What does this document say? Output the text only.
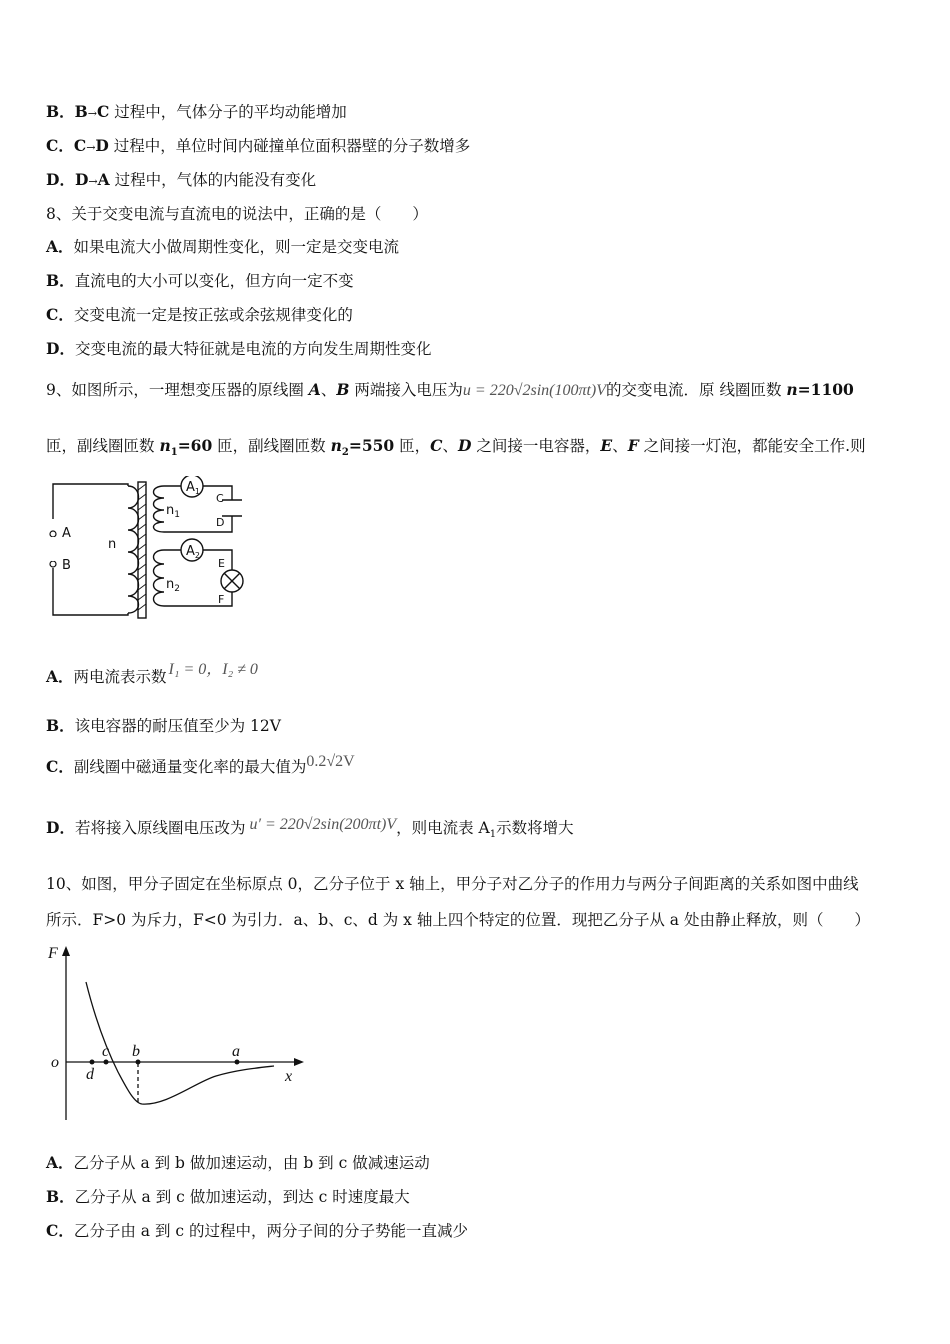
B．B→C 过程中，气体分子的平均动能增加
C．C→D 过程中，单位时间内碰撞单位面积器壁的分子数增多
D．D→A 过程中，气体的内能没有变化
8、关于交变电流与直流电的说法中，正确的是（　　）
A．如果电流大小做周期性变化，则一定是交变电流
B．直流电的大小可以变化，但方向一定不变
C．交变电流一定是按正弦或余弦规律变化的
D．交变电流的最大特征就是电流的方向发生周期性变化
9、如图所示，一理想变压器的原线圈 A、B 两端接入电压为u = 220√2sin(100πt)V的交变电流．原 线圈匝数 n=1100
匝，副线圈匝数 $n_1=60$ 匝，副线圈匝数 $n_2=550$ 匝，C、D 之间接一电容器，E、F 之间接一灯泡，都能安全工作.则
A
B
n
$n_1$
$n_2$
$A_1$
$A_2$
C
D
E
F
A．两电流表示数 I₁ = 0，I₂ ≠ 0
B．该电容器的耐压值至少为 12V
C．副线圈中磁通量变化率的最大值为0.2√2V
D．若将接入原线圈电压改为 u′ = 220√2sin(200πt)V，则电流表 $A_1$示数将增大
10、如图，甲分子固定在坐标原点 0，乙分子位于 x 轴上，甲分子对乙分子的作用力与两分子间距离的关系如图中曲线
所示．F>0 为斥力，F<0 为引力．a、b、c、d 为 x 轴上四个特定的位置．现把乙分子从 a 处由静止释放，则（　　）
F
o
x
a
b
c
d
A．乙分子从 a 到 b 做加速运动，由 b 到 c 做减速运动
B．乙分子从 a 到 c 做加速运动，到达 c 时速度最大
C．乙分子由 a 到 c 的过程中，两分子间的分子势能一直减少
